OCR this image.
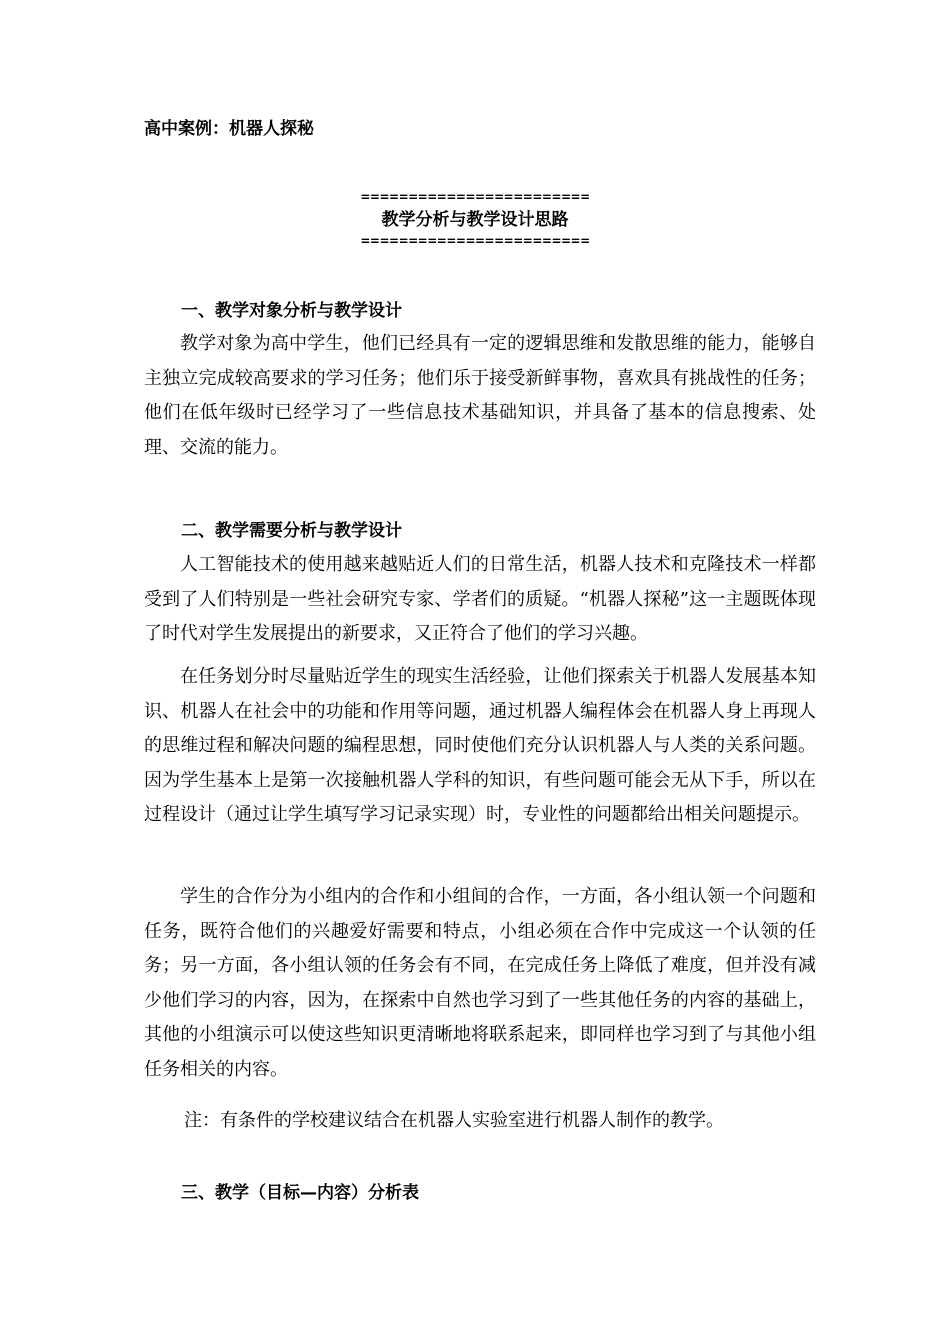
高中案例：机器人探秘

========================

教学分析与教学设计思路

========================

一、教学对象分析与教学设计

教学对象为高中学生，他们已经具有一定的逻辑思维和发散思维的能力，能够自主独立完成较高要求的学习任务；他们乐于接受新鲜事物，喜欢具有挑战性的任务；他们在低年级时已经学习了一些信息技术基础知识，并具备了基本的信息搜索、处理、交流的能力。

二、教学需要分析与教学设计

人工智能技术的使用越来越贴近人们的日常生活，机器人技术和克隆技术一样都受到了人们特别是一些社会研究专家、学者们的质疑。“机器人探秘”这一主题既体现了时代对学生发展提出的新要求，又正符合了他们的学习兴趣。

在任务划分时尽量贴近学生的现实生活经验，让他们探索关于机器人发展基本知识、机器人在社会中的功能和作用等问题，通过机器人编程体会在机器人身上再现人的思维过程和解决问题的编程思想，同时使他们充分认识机器人与人类的关系问题。因为学生基本上是第一次接触机器人学科的知识，有些问题可能会无从下手，所以在过程设计（通过让学生填写学习记录实现）时，专业性的问题都给出相关问题提示。

学生的合作分为小组内的合作和小组间的合作，一方面，各小组认领一个问题和任务，既符合他们的兴趣爱好需要和特点，小组必须在合作中完成这一个认领的任务；另一方面，各小组认领的任务会有不同，在完成任务上降低了难度，但并没有减少他们学习的内容，因为，在探索中自然也学习到了一些其他任务的内容的基础上，其他的小组演示可以使这些知识更清晰地将联系起来，即同样也学习到了与其他小组任务相关的内容。

注：有条件的学校建议结合在机器人实验室进行机器人制作的教学。

三、教学（目标—内容）分析表
